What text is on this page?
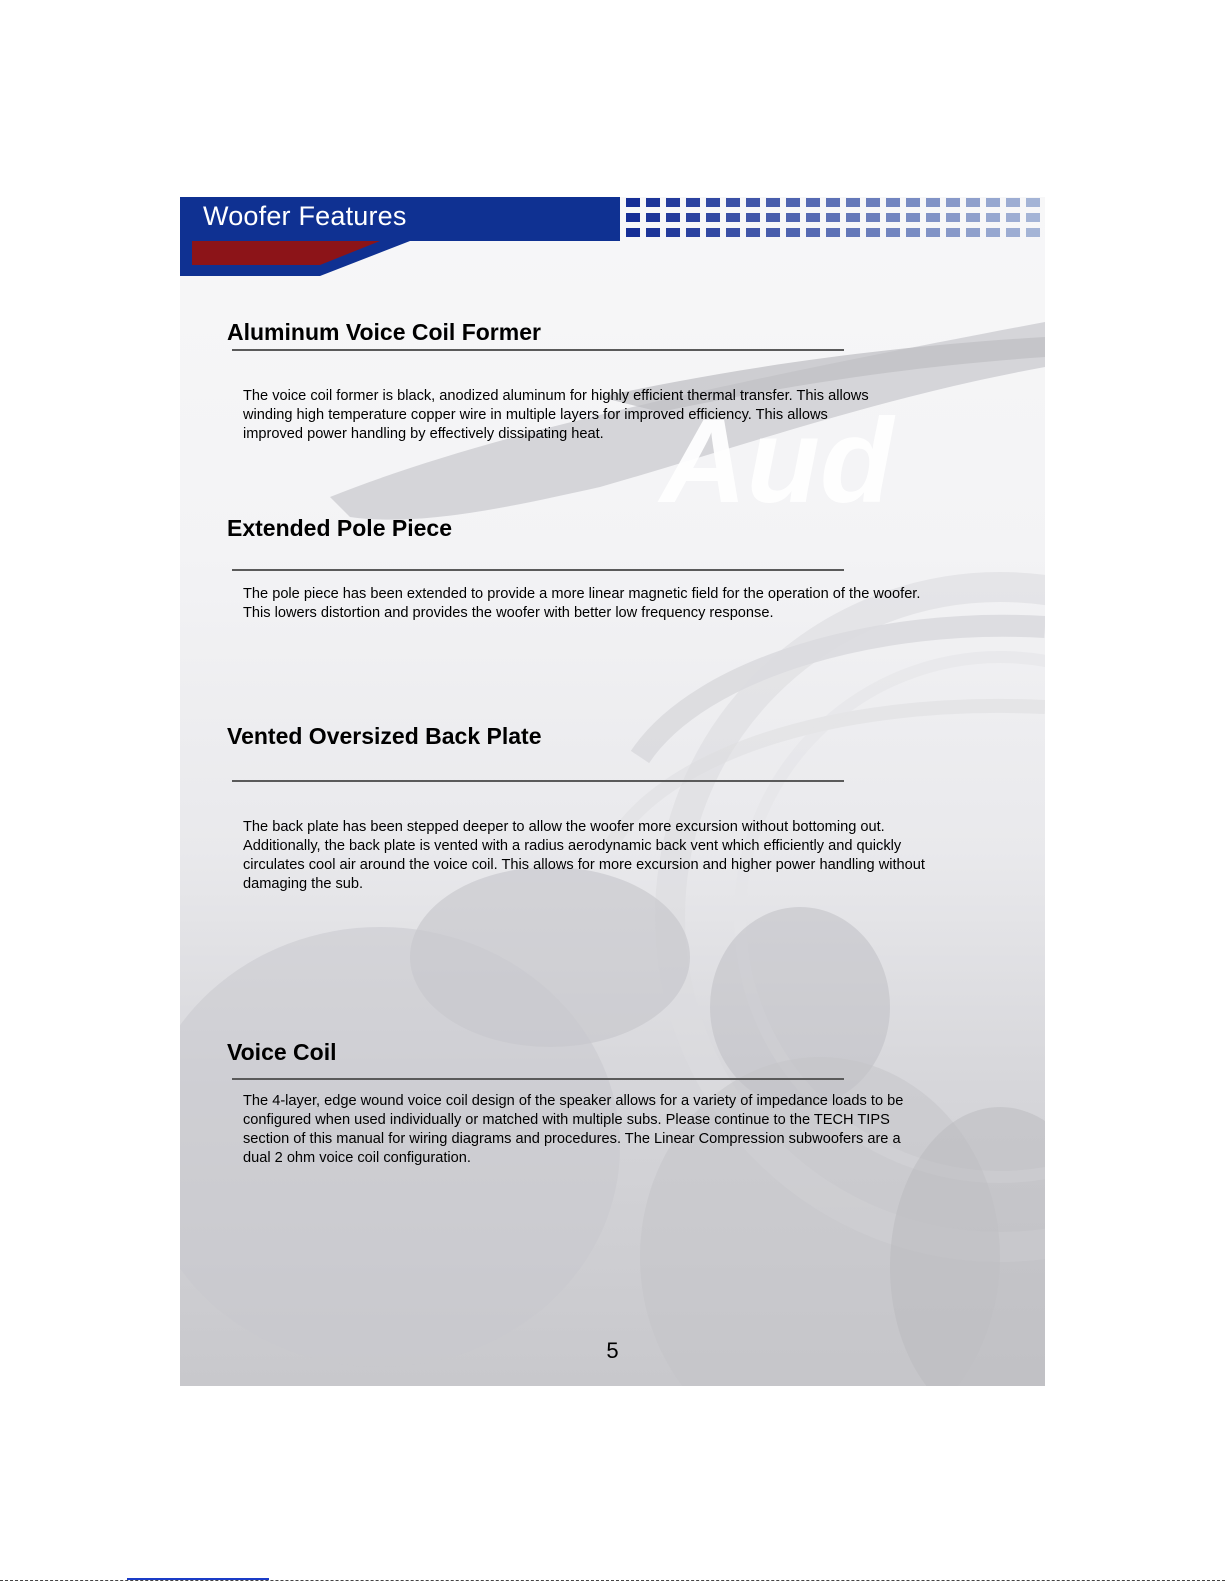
Aud
Woofer Features
Aluminum Voice Coil Former
The voice coil former is black, anodized aluminum for highly efficient thermal transfer. This allows
winding high temperature copper wire in multiple layers for improved efficiency. This allows
improved power handling by effectively dissipating heat.
Extended Pole Piece
The pole piece has been extended to provide a more linear magnetic field for the operation of the woofer.
This lowers distortion and provides the woofer with better low frequency response.
Vented Oversized Back Plate
The back plate has been stepped deeper to allow the woofer more excursion without bottoming out.
Additionally, the back plate is vented with a radius aerodynamic back vent which efficiently and quickly
circulates cool air around the voice coil. This allows for more excursion and higher power handling without
damaging the sub.
Voice Coil
The 4-layer, edge wound voice coil design of the speaker allows for a variety of impedance loads to be
configured when used individually or matched with multiple subs. Please continue to the TECH TIPS
section of this manual for wiring diagrams and procedures. The Linear Compression subwoofers are a
dual 2 ohm voice coil configuration.
5
